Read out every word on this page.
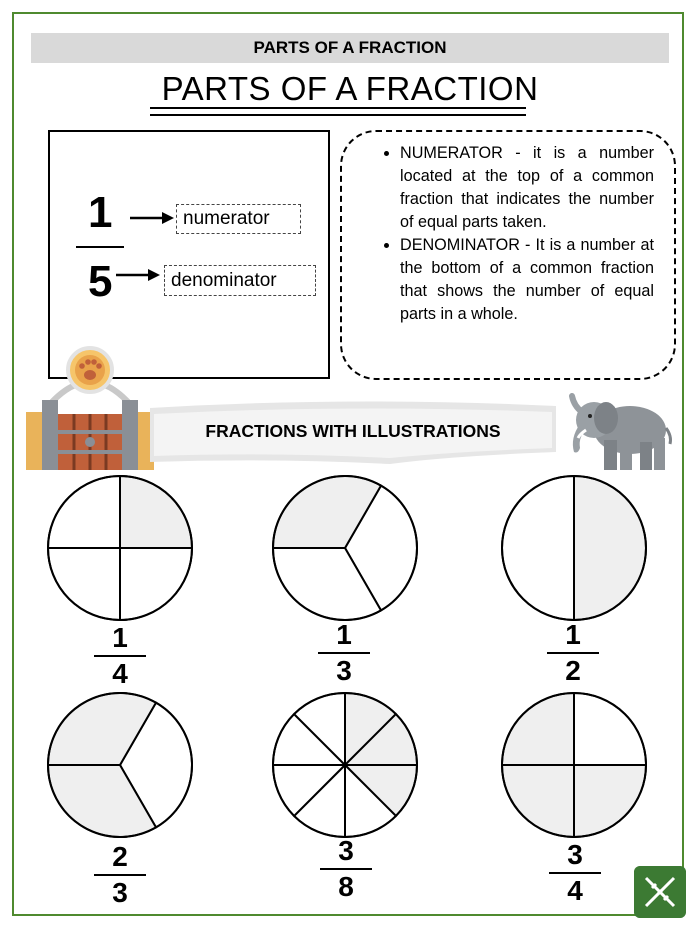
PARTS OF A FRACTION
PARTS OF A FRACTION
1
5
numerator
denominator
• NUMERATOR - it is a number located at the top of a common fraction that indicates the number of equal parts taken.
• DENOMINATOR - It is a number at the bottom of a common fraction that shows the number of equal parts in a whole.
FRACTIONS WITH ILLUSTRATIONS
1
4
1
3
1
2
2
3
3
8
3
4
